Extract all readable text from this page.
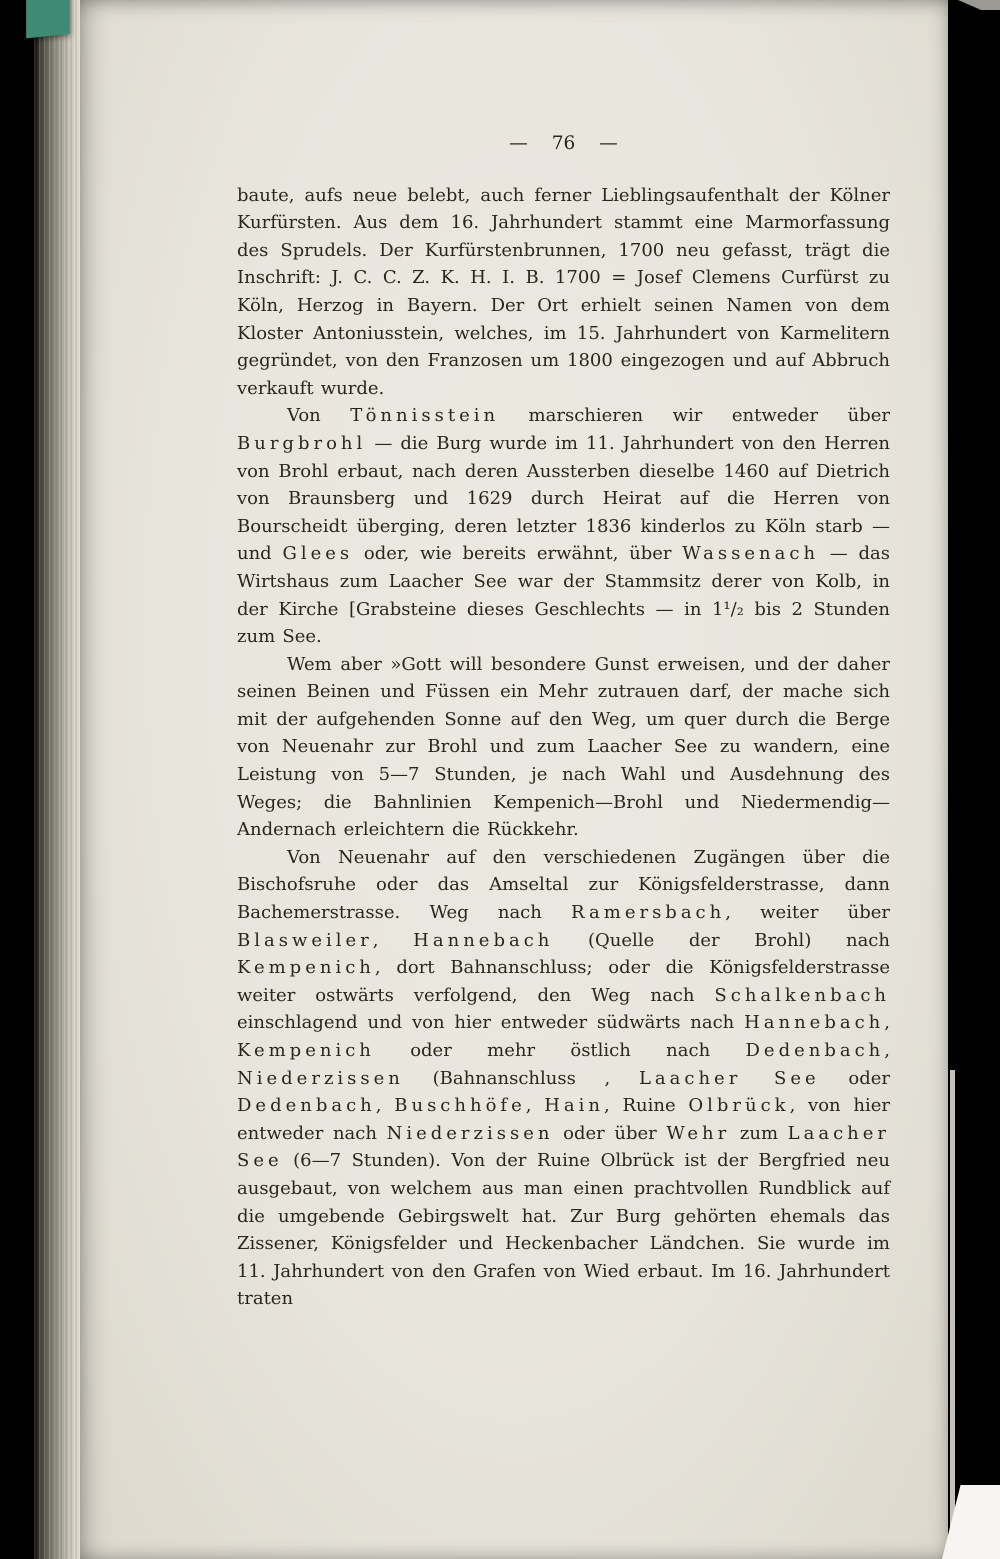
— 76 —

baute, aufs neue belebt, auch ferner Lieblingsaufenthalt der Kölner Kurfürsten. Aus dem 16. Jahrhundert stammt eine Marmorfassung des Sprudels. Der Kurfürstenbrunnen, 1700 neu gefasst, trägt die Inschrift: J. C. C. Z. K. H. I. B. 1700 = Josef Clemens Curfürst zu Köln, Herzog in Bayern. Der Ort erhielt seinen Namen von dem Kloster Antoniusstein, welches, im 15. Jahrhundert von Karmelitern gegründet, von den Franzosen um 1800 eingezogen und auf Abbruch verkauft wurde.

Von Tönnisstein marschieren wir entweder über Burgbrohl — die Burg wurde im 11. Jahrhundert von den Herren von Brohl erbaut, nach deren Aussterben dieselbe 1460 auf Dietrich von Braunsberg und 1629 durch Heirat auf die Herren von Bourscheidt überging, deren letzter 1836 kinderlos zu Köln starb — und Glees oder, wie bereits erwähnt, über Wassenach — das Wirtshaus zum Laacher See war der Stammsitz derer von Kolb, in der Kirche [Grabsteine dieses Geschlechts — in 1¹/₂ bis 2 Stunden zum See.

Wem aber »Gott will besondere Gunst erweisen, und der daher seinen Beinen und Füssen ein Mehr zutrauen darf, der mache sich mit der aufgehenden Sonne auf den Weg, um quer durch die Berge von Neuenahr zur Brohl und zum Laacher See zu wandern, eine Leistung von 5—7 Stunden, je nach Wahl und Ausdehnung des Weges; die Bahnlinien Kempenich—Brohl und Niedermendig—Andernach erleichtern die Rückkehr.

Von Neuenahr auf den verschiedenen Zugängen über die Bischofsruhe oder das Amseltal zur Königsfelderstrasse, dann Bachemerstrasse. Weg nach Ramersbach, weiter über Blasweiler, Hannebach (Quelle der Brohl) nach Kempenich, dort Bahnanschluss; oder die Königsfelderstrasse weiter ostwärts verfolgend, den Weg nach Schalkenbach einschlagend und von hier entweder südwärts nach Hannebach, Kempenich oder mehr östlich nach Dedenbach, Niederzissen (Bahnanschluss , Laacher See oder Dedenbach, Buschhöfe, Hain, Ruine Olbrück, von hier entweder nach Niederzissen oder über Wehr zum Laacher See (6—7 Stunden). Von der Ruine Olbrück ist der Bergfried neu ausgebaut, von welchem aus man einen prachtvollen Rundblick auf die umgebende Gebirgswelt hat. Zur Burg gehörten ehemals das Zissener, Königsfelder und Heckenbacher Ländchen. Sie wurde im 11. Jahrhundert von den Grafen von Wied erbaut. Im 16. Jahrhundert traten
